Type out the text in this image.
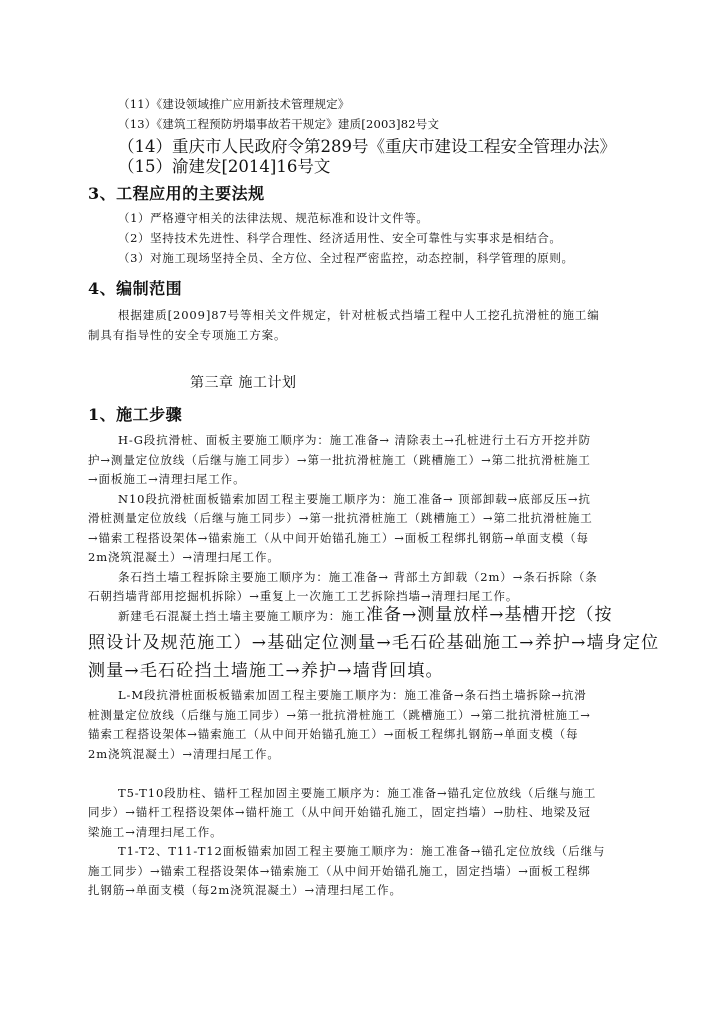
（11）《建设领域推广应用新技术管理规定》
（13）《建筑工程预防坍塌事故若干规定》建质[2003]82号文
（14）重庆市人民政府令第289号《重庆市建设工程安全管理办法》
（15）渝建发[2014]16号文
3、工程应用的主要法规
（1）严格遵守相关的法律法规、规范标准和设计文件等。
（2）坚持技术先进性、科学合理性、经济适用性、安全可靠性与实事求是相结合。
（3）对施工现场坚持全员、全方位、全过程严密监控，动态控制，科学管理的原则。
4、编制范围
根据建质[2009]87号等相关文件规定，针对桩板式挡墙工程中人工挖孔抗滑桩的施工编
制具有指导性的安全专项施工方案。
第三章 施工计划
1、施工步骤
H-G段抗滑桩、面板主要施工顺序为：施工准备→ 清除表土→孔桩进行土石方开挖并防
护→测量定位放线（后继与施工同步）→第一批抗滑桩施工（跳槽施工）→第二批抗滑桩施工
→面板施工→清理扫尾工作。
N10段抗滑桩面板锚索加固工程主要施工顺序为：施工准备→ 顶部卸载→底部反压→抗
滑桩测量定位放线（后继与施工同步）→第一批抗滑桩施工（跳槽施工）→第二批抗滑桩施工
→锚索工程搭设架体→锚索施工（从中间开始锚孔施工）→面板工程绑扎钢筋→单面支模（每
2m浇筑混凝土）→清理扫尾工作。
条石挡土墙工程拆除主要施工顺序为：施工准备→ 背部土方卸载（2m）→条石拆除（条
石朝挡墙背部用挖掘机拆除）→重复上一次施工工艺拆除挡墙→清理扫尾工作。
新建毛石混凝土挡土墙主要施工顺序为：施工准备→测量放样→基槽开挖（按
照设计及规范施工）→基础定位测量→毛石砼基础施工→养护→墙身定位
测量→毛石砼挡土墙施工→养护→墙背回填。
L-M段抗滑桩面板板锚索加固工程主要施工顺序为：施工准备→条石挡土墙拆除→抗滑
桩测量定位放线（后继与施工同步）→第一批抗滑桩施工（跳槽施工）→第二批抗滑桩施工→
锚索工程搭设架体→锚索施工（从中间开始锚孔施工）→面板工程绑扎钢筋→单面支模（每
2m浇筑混凝土）→清理扫尾工作。
T5-T10段肋柱、锚杆工程加固主要施工顺序为：施工准备→锚孔定位放线（后继与施工
同步）→锚杆工程搭设架体→锚杆施工（从中间开始锚孔施工，固定挡墙）→肋柱、地梁及冠
梁施工→清理扫尾工作。
T1-T2、T11-T12面板锚索加固工程主要施工顺序为：施工准备→锚孔定位放线（后继与
施工同步）→锚索工程搭设架体→锚索施工（从中间开始锚孔施工，固定挡墙）→面板工程绑
扎钢筋→单面支模（每2m浇筑混凝土）→清理扫尾工作。
